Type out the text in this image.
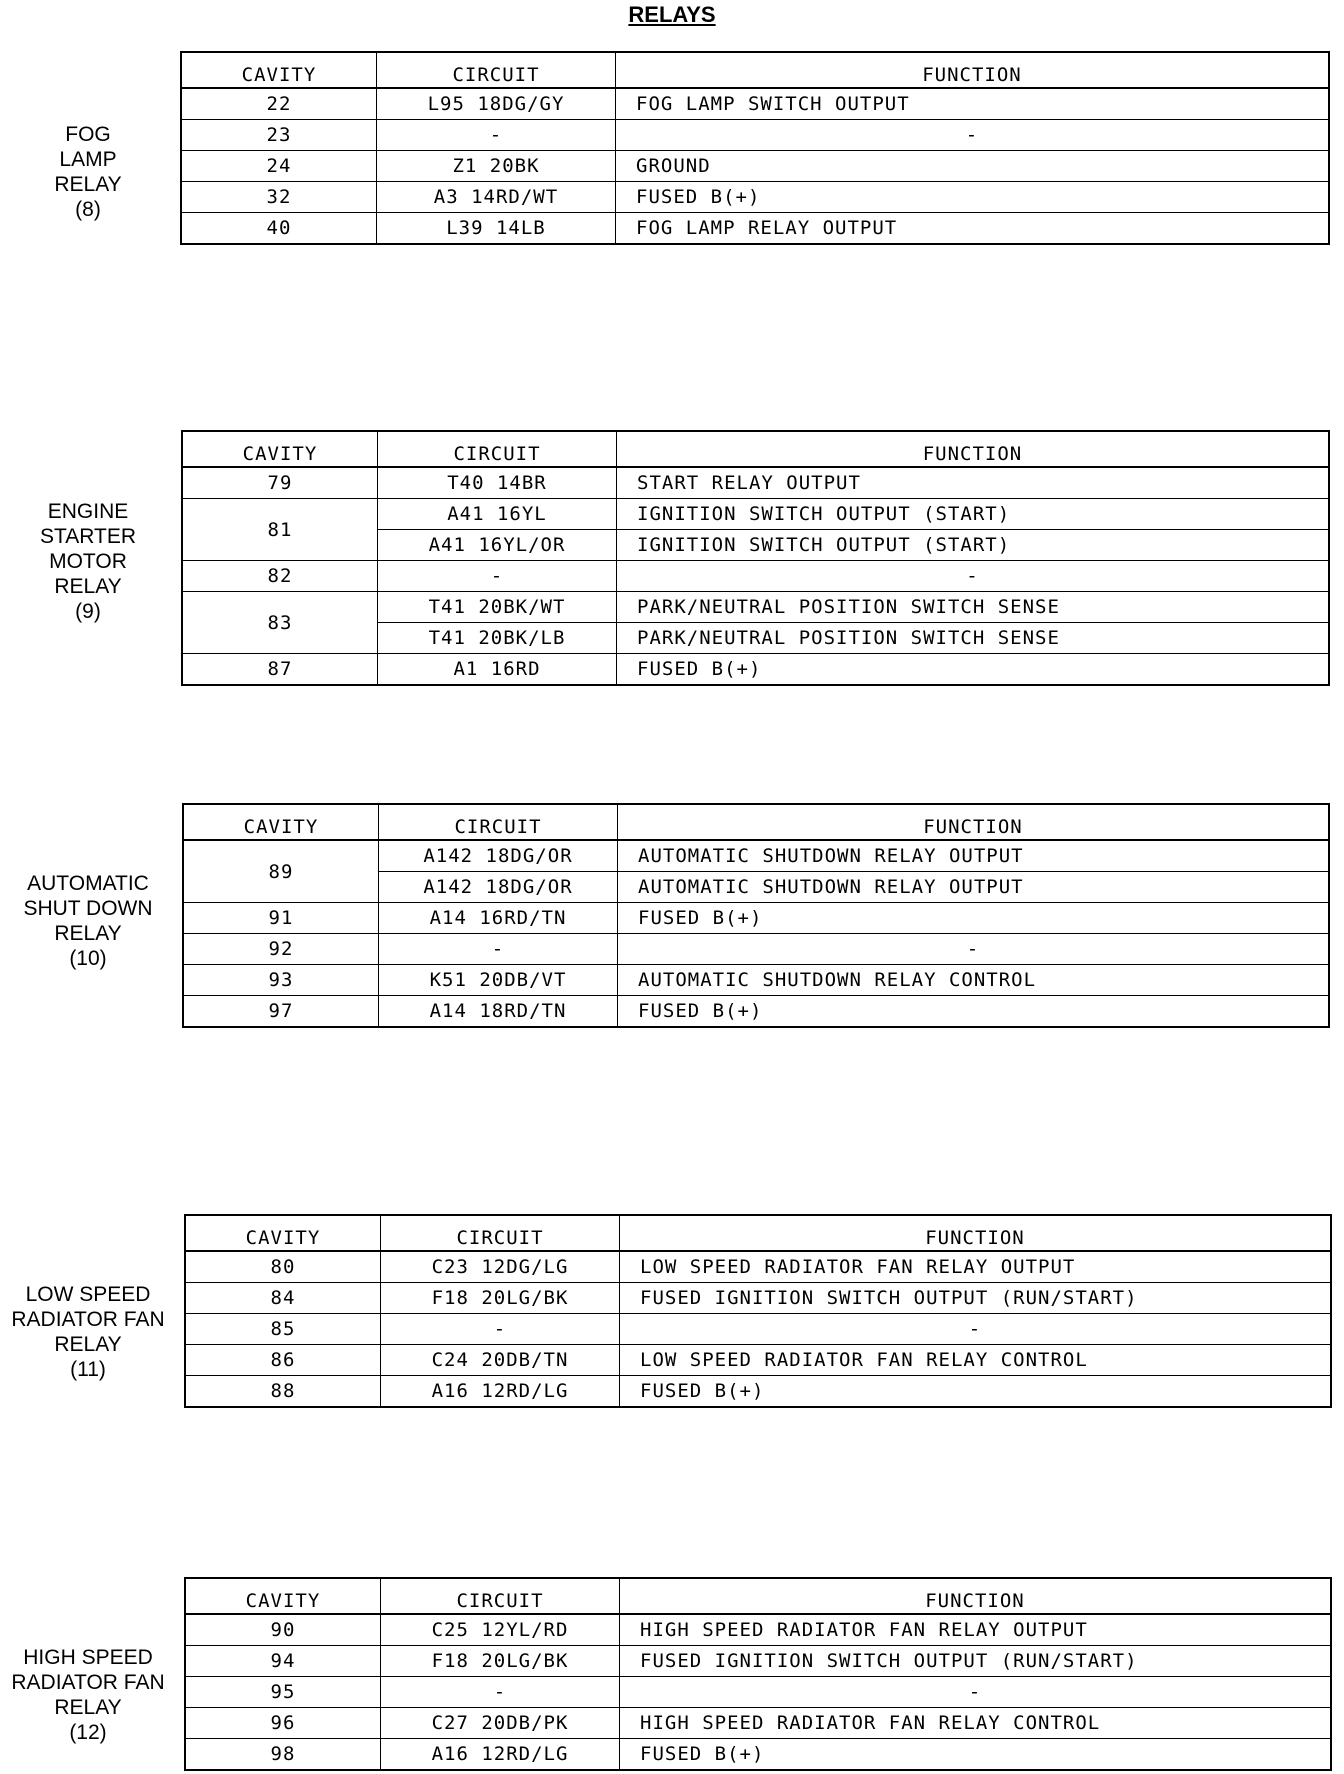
RELAYS
FOG
LAMP
RELAY
(8)
CAVITY	CIRCUIT	FUNCTION
22	L95 18DG/GY	FOG LAMP SWITCH OUTPUT
23	-	-
24	Z1 20BK	GROUND
32	A3 14RD/WT	FUSED B(+)
40	L39 14LB	FOG LAMP RELAY OUTPUT
ENGINE
STARTER
MOTOR
RELAY
(9)
CAVITY	CIRCUIT	FUNCTION
79	T40 14BR	START RELAY OUTPUT
81	A41 16YL	IGNITION SWITCH OUTPUT (START)
	A41 16YL/OR	IGNITION SWITCH OUTPUT (START)
82	-	-
83	T41 20BK/WT	PARK/NEUTRAL POSITION SWITCH SENSE
	T41 20BK/LB	PARK/NEUTRAL POSITION SWITCH SENSE
87	A1 16RD	FUSED B(+)
AUTOMATIC
SHUT DOWN
RELAY
(10)
CAVITY	CIRCUIT	FUNCTION
89	A142 18DG/OR	AUTOMATIC SHUTDOWN RELAY OUTPUT
	A142 18DG/OR	AUTOMATIC SHUTDOWN RELAY OUTPUT
91	A14 16RD/TN	FUSED B(+)
92	-	-
93	K51 20DB/VT	AUTOMATIC SHUTDOWN RELAY CONTROL
97	A14 18RD/TN	FUSED B(+)
LOW SPEED
RADIATOR FAN
RELAY
(11)
CAVITY	CIRCUIT	FUNCTION
80	C23 12DG/LG	LOW SPEED RADIATOR FAN RELAY OUTPUT
84	F18 20LG/BK	FUSED IGNITION SWITCH OUTPUT (RUN/START)
85	-	-
86	C24 20DB/TN	LOW SPEED RADIATOR FAN RELAY CONTROL
88	A16 12RD/LG	FUSED B(+)
HIGH SPEED
RADIATOR FAN
RELAY
(12)
CAVITY	CIRCUIT	FUNCTION
90	C25 12YL/RD	HIGH SPEED RADIATOR FAN RELAY OUTPUT
94	F18 20LG/BK	FUSED IGNITION SWITCH OUTPUT (RUN/START)
95	-	-
96	C27 20DB/PK	HIGH SPEED RADIATOR FAN RELAY CONTROL
98	A16 12RD/LG	FUSED B(+)
